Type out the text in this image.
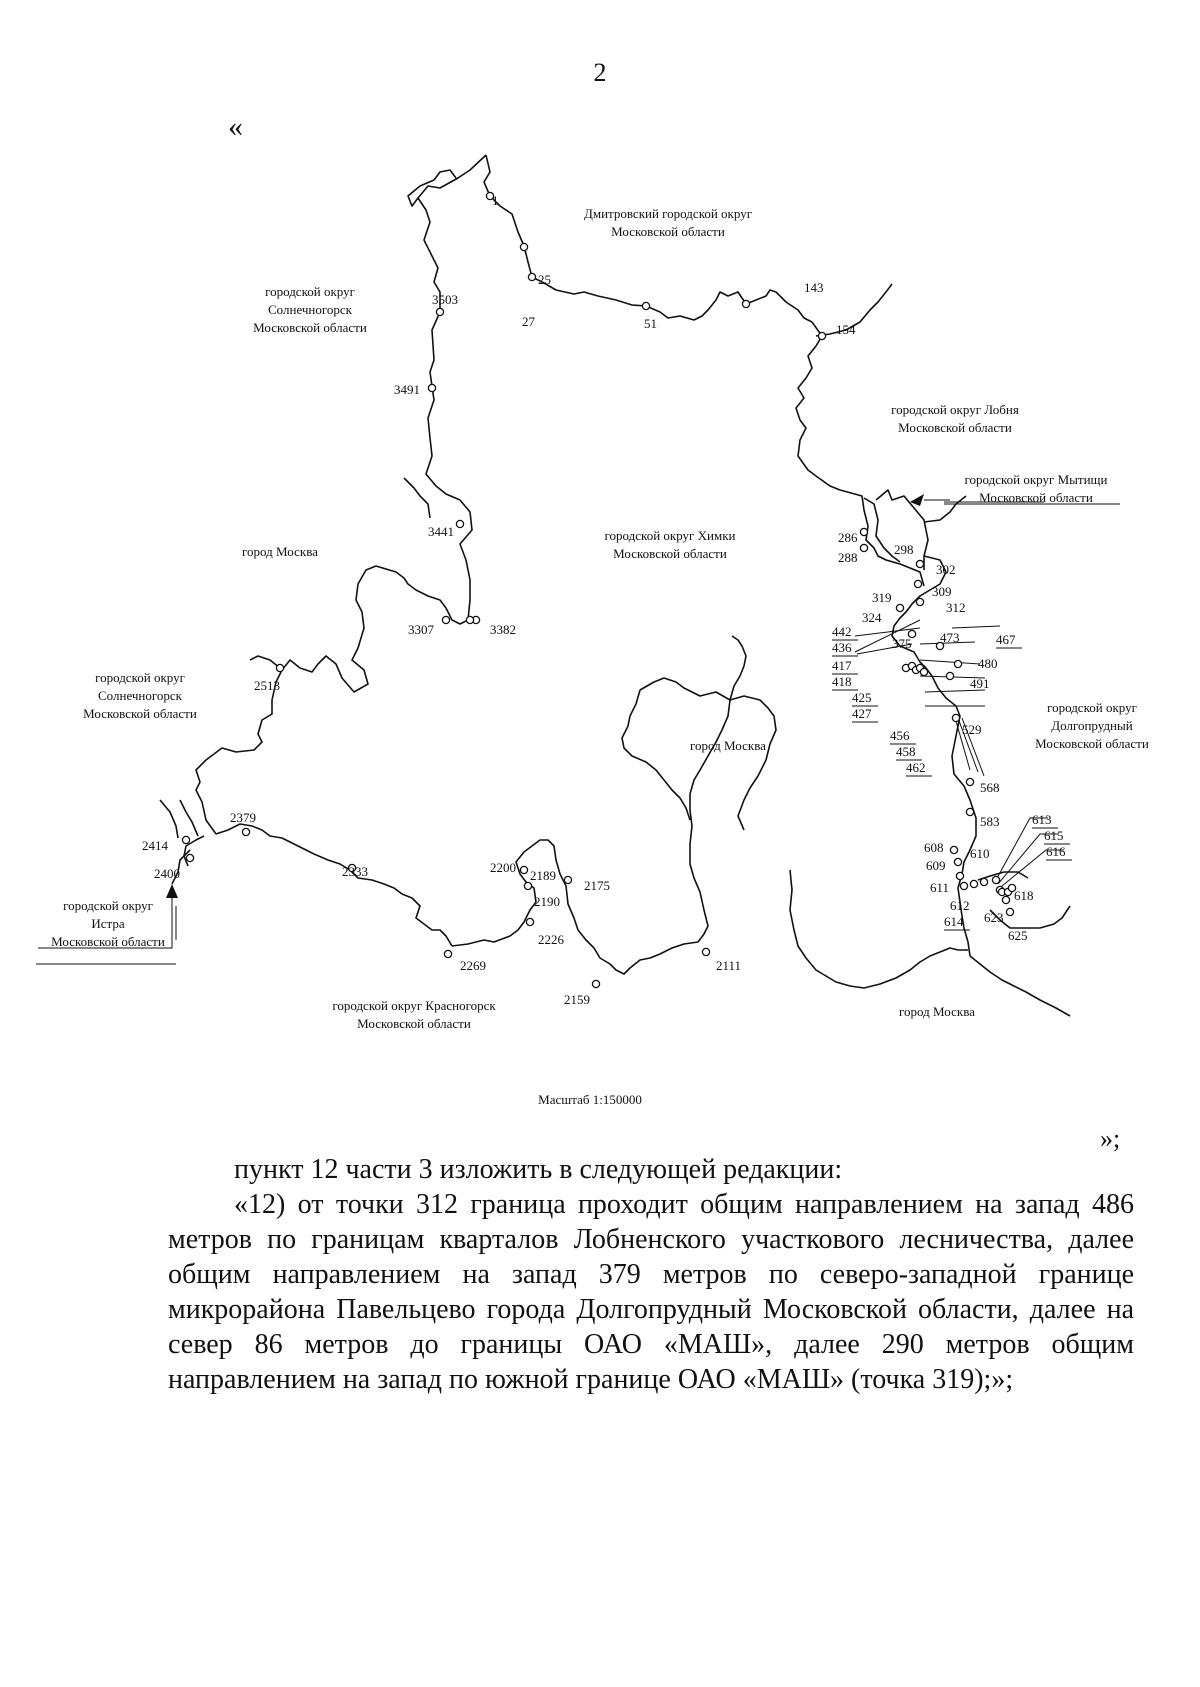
2
«
Дмитровский городской округ
Московской области
городской округ
Солнечногорск
Московской области
городской округ Лобня
Московской области
городской округ Мытищи
Московской области
город Москва
городской округ Химки
Московской области
городской округ
Солнечногорск
Московской области
город Москва
городской округ
Долгопрудный
Московской области
городской округ
Истра
Московской области
городской округ Красногорск
Московской области
город Москва
Масштаб 1:150000
1
25
27	51
143
154
3503
3491
3441
3307	3382
286
288
298
302
309
312
319
324
375 473	467
480
491
529
568
583
442
436
417
418
425
427
456
458
462
2513
2379
2414
2400	2333	2200
2189
2190
2175
2226
2269
2159
2111
608
609
610
611
612
613
614
615
616
618
623
625
»;

пункт 12 части 3 изложить в следующей редакции:

«12) от точки 312 граница проходит общим направлением на запад 486 метров по границам кварталов Лобненского участкового лесничества, далее общим направлением на запад 379 метров по северо-западной границе микрорайона Павельцево города Долгопрудный Московской области, далее на север 86 метров до границы ОАО «МАШ», далее 290 метров общим направлением на запад по южной границе ОАО «МАШ» (точка 319);»;
